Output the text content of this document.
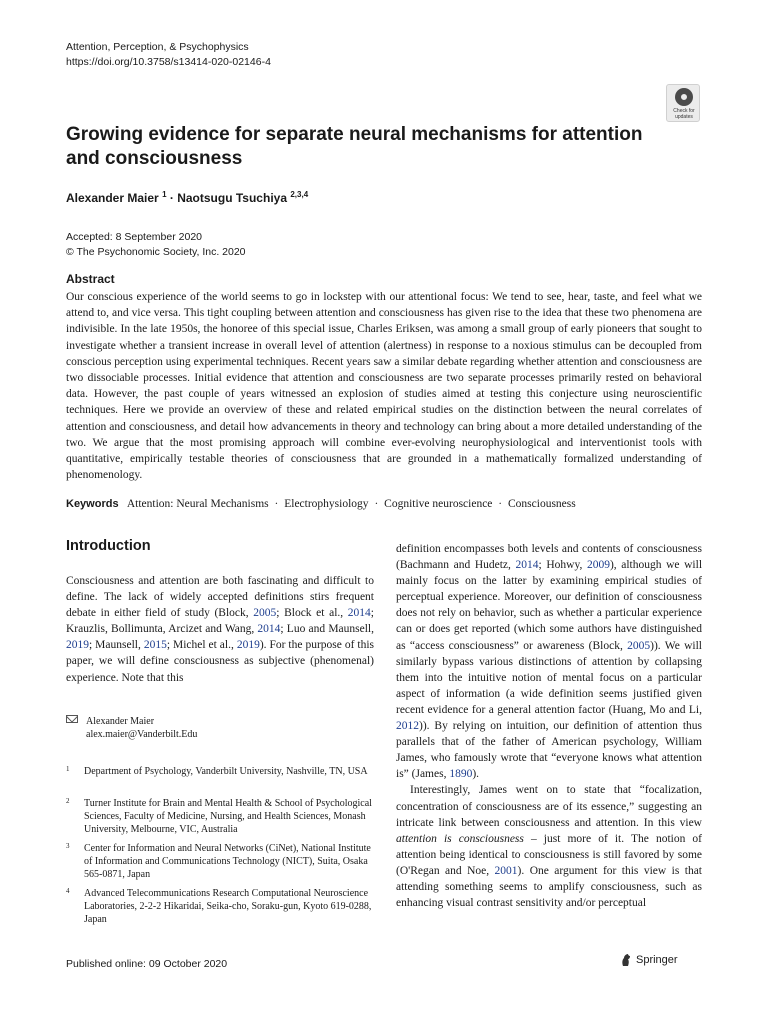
Attention, Perception, & Psychophysics
https://doi.org/10.3758/s13414-020-02146-4
Check for
updates
Growing evidence for separate neural mechanisms for attention and consciousness
Alexander Maier $^1$ · Naotsugu Tsuchiya $^{2,3,4}$
Accepted: 8 September 2020
© The Psychonomic Society, Inc. 2020
Abstract
Our conscious experience of the world seems to go in lockstep with our attentional focus: We tend to see, hear, taste, and feel what we attend to, and vice versa. This tight coupling between attention and consciousness has given rise to the idea that these two phenomena are indivisible. In the late 1950s, the honoree of this special issue, Charles Eriksen, was among a small group of early pioneers that sought to investigate whether a transient increase in overall level of attention (alertness) in response to a noxious stimulus can be decoupled from conscious perception using experimental techniques. Recent years saw a similar debate regarding whether attention and consciousness are two dissociable processes. Initial evidence that attention and consciousness are two separate processes primarily rested on behavioral data. However, the past couple of years witnessed an explosion of studies aimed at testing this conjecture using neuroscientific techniques. Here we provide an overview of these and related empirical studies on the distinction between the neural correlates of attention and consciousness, and detail how advancements in theory and technology can bring about a more detailed understanding of the two. We argue that the most promising approach will combine ever-evolving neurophysiological and interventionist tools with quantitative, empirically testable theories of consciousness that are grounded in a mathematically formalized understanding of phenomenology.
Keywords Attention: Neural Mechanisms · Electrophysiology · Cognitive neuroscience · Consciousness
Introduction

Consciousness and attention are both fascinating and difficult to define. The lack of widely accepted definitions stirs frequent debate in either field of study (Block, 2005; Block et al., 2014; Krauzlis, Bollimunta, Arcizet and Wang, 2014; Luo and Maunsell, 2019; Maunsell, 2015; Michel et al., 2019). For the purpose of this paper, we will define consciousness as subjective (phenomenal) experience. Note that this

definition encompasses both levels and contents of consciousness (Bachmann and Hudetz, 2014; Hohwy, 2009), although we will mainly focus on the latter by examining empirical studies of perceptual experience. Moreover, our definition of consciousness does not rely on behavior, such as whether a particular experience can or does get reported (which some authors have distinguished as “access consciousness” or awareness (Block, 2005)). We will similarly bypass various distinctions of attention by collapsing them into the intuitive notion of mental focus on a particular aspect of information (a wide definition seems justified given recent evidence for a general attention factor (Huang, Mo and Li, 2012)). By relying on intuition, our definition of attention thus parallels that of the father of American psychology, William James, who famously wrote that “everyone knows what attention is” (James, 1890).

Interestingly, James went on to state that “focalization, concentration of consciousness are of its essence,” suggesting an intricate link between consciousness and attention. In this view attention is consciousness – just more of it. The notion of attention being identical to consciousness is still favored by some (O'Regan and Noe, 2001). One argument for this view is that attending something seems to amplify consciousness, such as enhancing visual contrast sensitivity and/or perceptual

Alexander Maier
alex.maier@Vanderbilt.Edu
1 Department of Psychology, Vanderbilt University, Nashville, TN, USA
2 Turner Institute for Brain and Mental Health & School of Psychological Sciences, Faculty of Medicine, Nursing, and Health Sciences, Monash University, Melbourne, VIC, Australia
3 Center for Information and Neural Networks (CiNet), National Institute of Information and Communications Technology (NICT), Suita, Osaka 565-0871, Japan
4 Advanced Telecommunications Research Computational Neuroscience Laboratories, 2-2-2 Hikaridai, Seika-cho, Soraku-gun, Kyoto 619-0288, Japan
Published online: 09 October 2020	Springer
